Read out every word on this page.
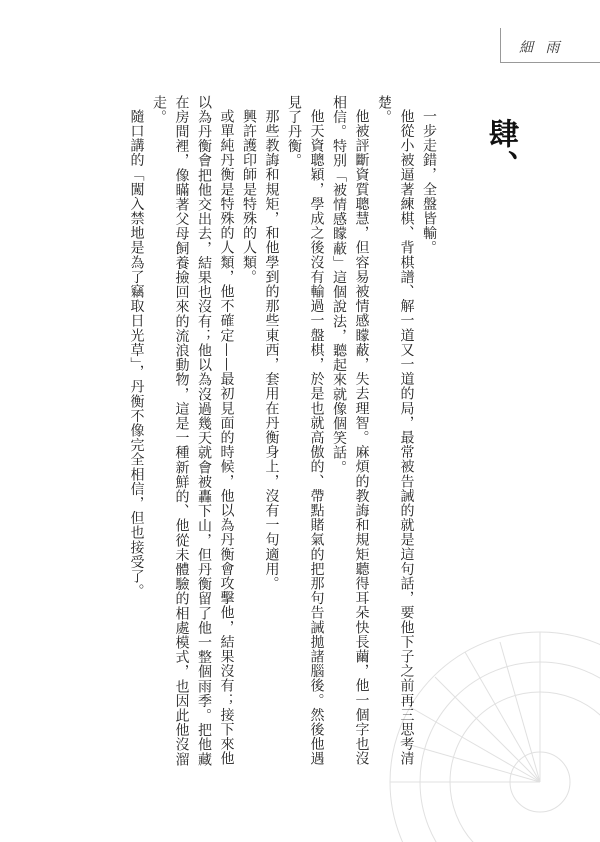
細 雨
肆、

一步走錯，全盤皆輸。

他從小被逼著練棋、背棋譜、解一道又一道的局，最常被告誡的就是這句話，要他下子之前再三思考清楚。

他被評斷資質聰慧，但容易被情感矇蔽，失去理智。麻煩的教誨和規矩聽得耳朵快長繭，他一個字也沒相信。特別「被情感矇蔽」這個說法，聽起來就像個笑話。

他天資聰穎，學成之後沒有輸過一盤棋，於是也就高傲的、帶點賭氣的把那句告誡拋諸腦後。然後他遇見了丹衡。

那些教誨和規矩，和他學到的那些東西，套用在丹衡身上，沒有一句適用。

興許護印師是特殊的人類。

或單純丹衡是特殊的人類，他不確定——最初見面的時候，他以為丹衡會攻擊他，結果沒有；接下來他以為丹衡會把他交出去，結果也沒有；他以為沒過幾天就會被轟下山，但丹衡留了他一整個雨季。把他藏在房間裡，像瞞著父母飼養撿回來的流浪動物，這是一種新鮮的、他從未體驗的相處模式，也因此他沒溜走。

隨口講的「闖入禁地是為了竊取日光草」，丹衡不像完全相信，但也接受了。
